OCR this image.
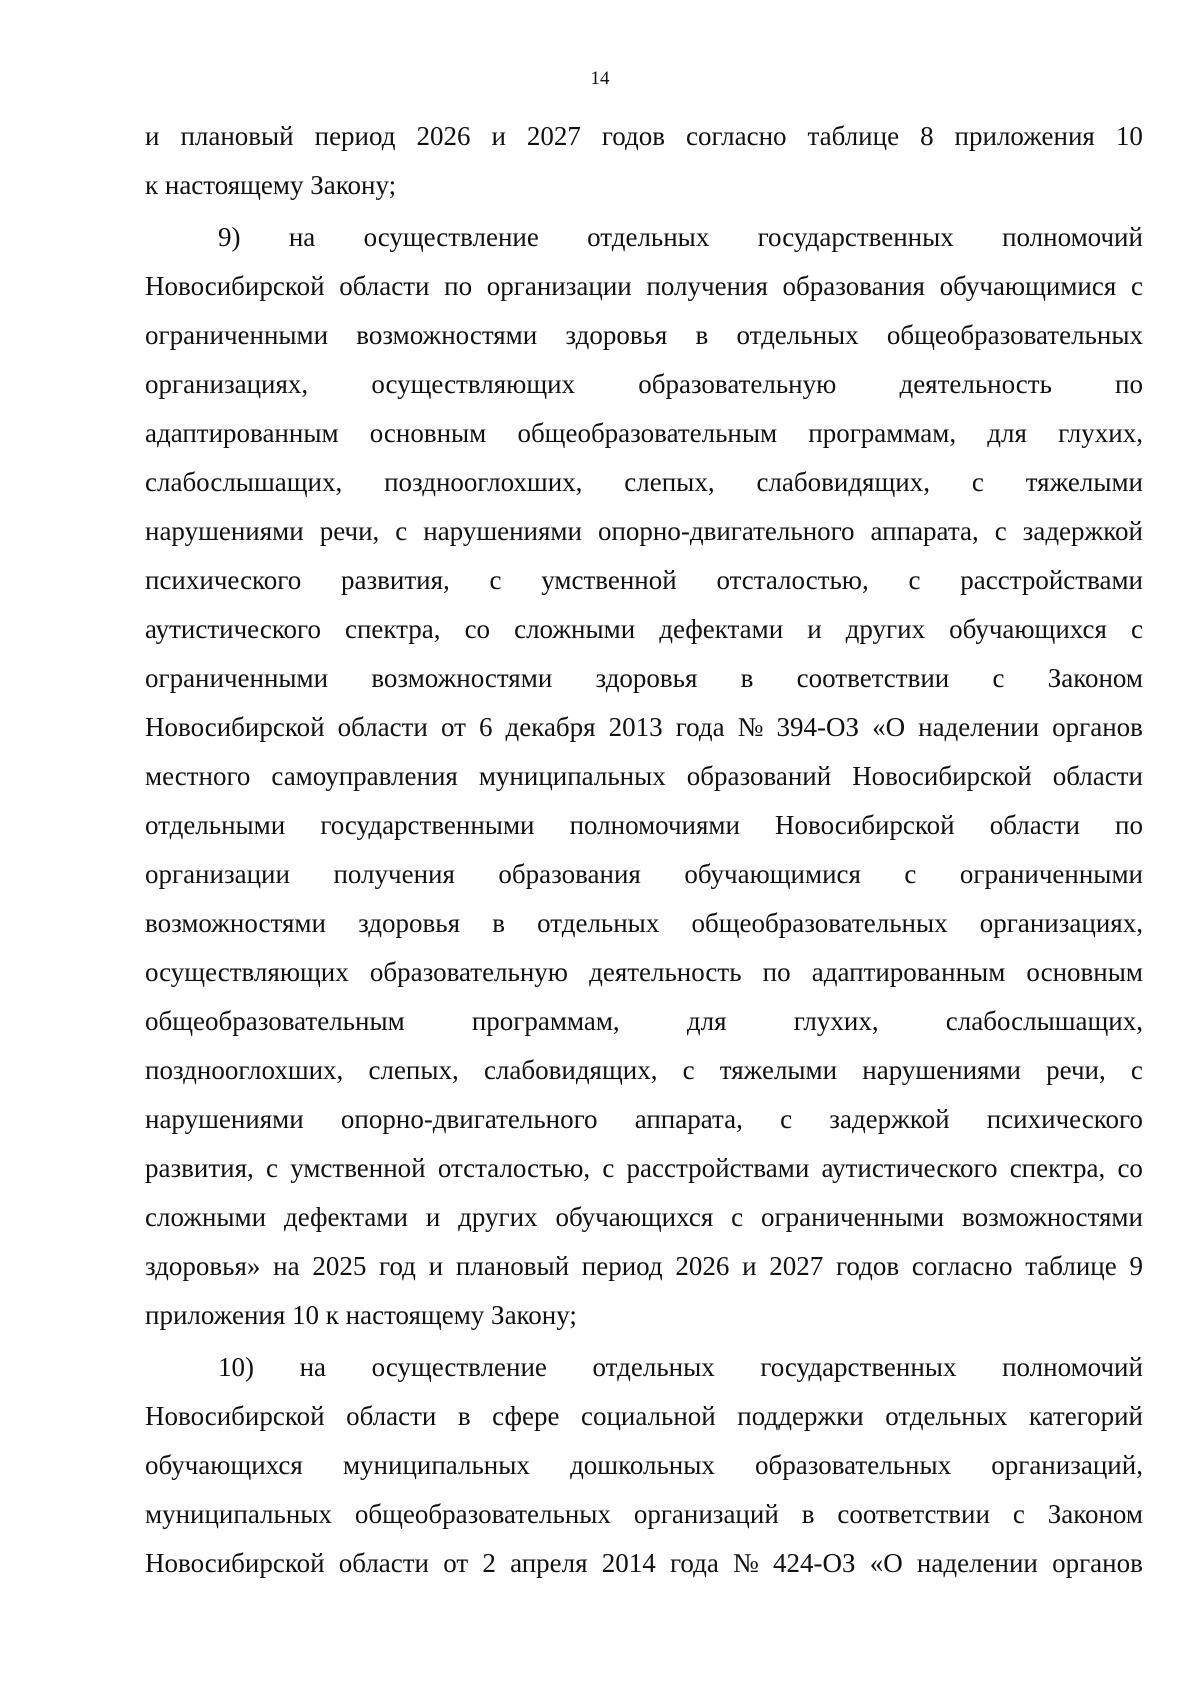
14
и плановый период 2026 и 2027 годов согласно таблице 8 приложения 10
к настоящему Закону;
9) на осуществление отдельных государственных полномочий
Новосибирской области по организации получения образования обучающимися с
ограниченными возможностями здоровья в отдельных общеобразовательных
организациях, осуществляющих образовательную деятельность по
адаптированным основным общеобразовательным программам, для глухих,
слабослышащих, позднооглохших, слепых, слабовидящих, с тяжелыми
нарушениями речи, с нарушениями опорно-двигательного аппарата, с задержкой
психического развития, с умственной отсталостью, с расстройствами
аутистического спектра, со сложными дефектами и других обучающихся с
ограниченными возможностями здоровья в соответствии с Законом
Новосибирской области от 6 декабря 2013 года № 394-ОЗ «О наделении органов
местного самоуправления муниципальных образований Новосибирской области
отдельными государственными полномочиями Новосибирской области по
организации получения образования обучающимися с ограниченными
возможностями здоровья в отдельных общеобразовательных организациях,
осуществляющих образовательную деятельность по адаптированным основным
общеобразовательным программам, для глухих, слабослышащих,
позднооглохших, слепых, слабовидящих, с тяжелыми нарушениями речи, с
нарушениями опорно-двигательного аппарата, с задержкой психического
развития, с умственной отсталостью, с расстройствами аутистического спектра, со
сложными дефектами и других обучающихся с ограниченными возможностями
здоровья» на 2025 год и плановый период 2026 и 2027 годов согласно таблице 9
приложения 10 к настоящему Закону;
10) на осуществление отдельных государственных полномочий
Новосибирской области в сфере социальной поддержки отдельных категорий
обучающихся муниципальных дошкольных образовательных организаций,
муниципальных общеобразовательных организаций в соответствии с Законом
Новосибирской области от 2 апреля 2014 года № 424-ОЗ «О наделении органов
